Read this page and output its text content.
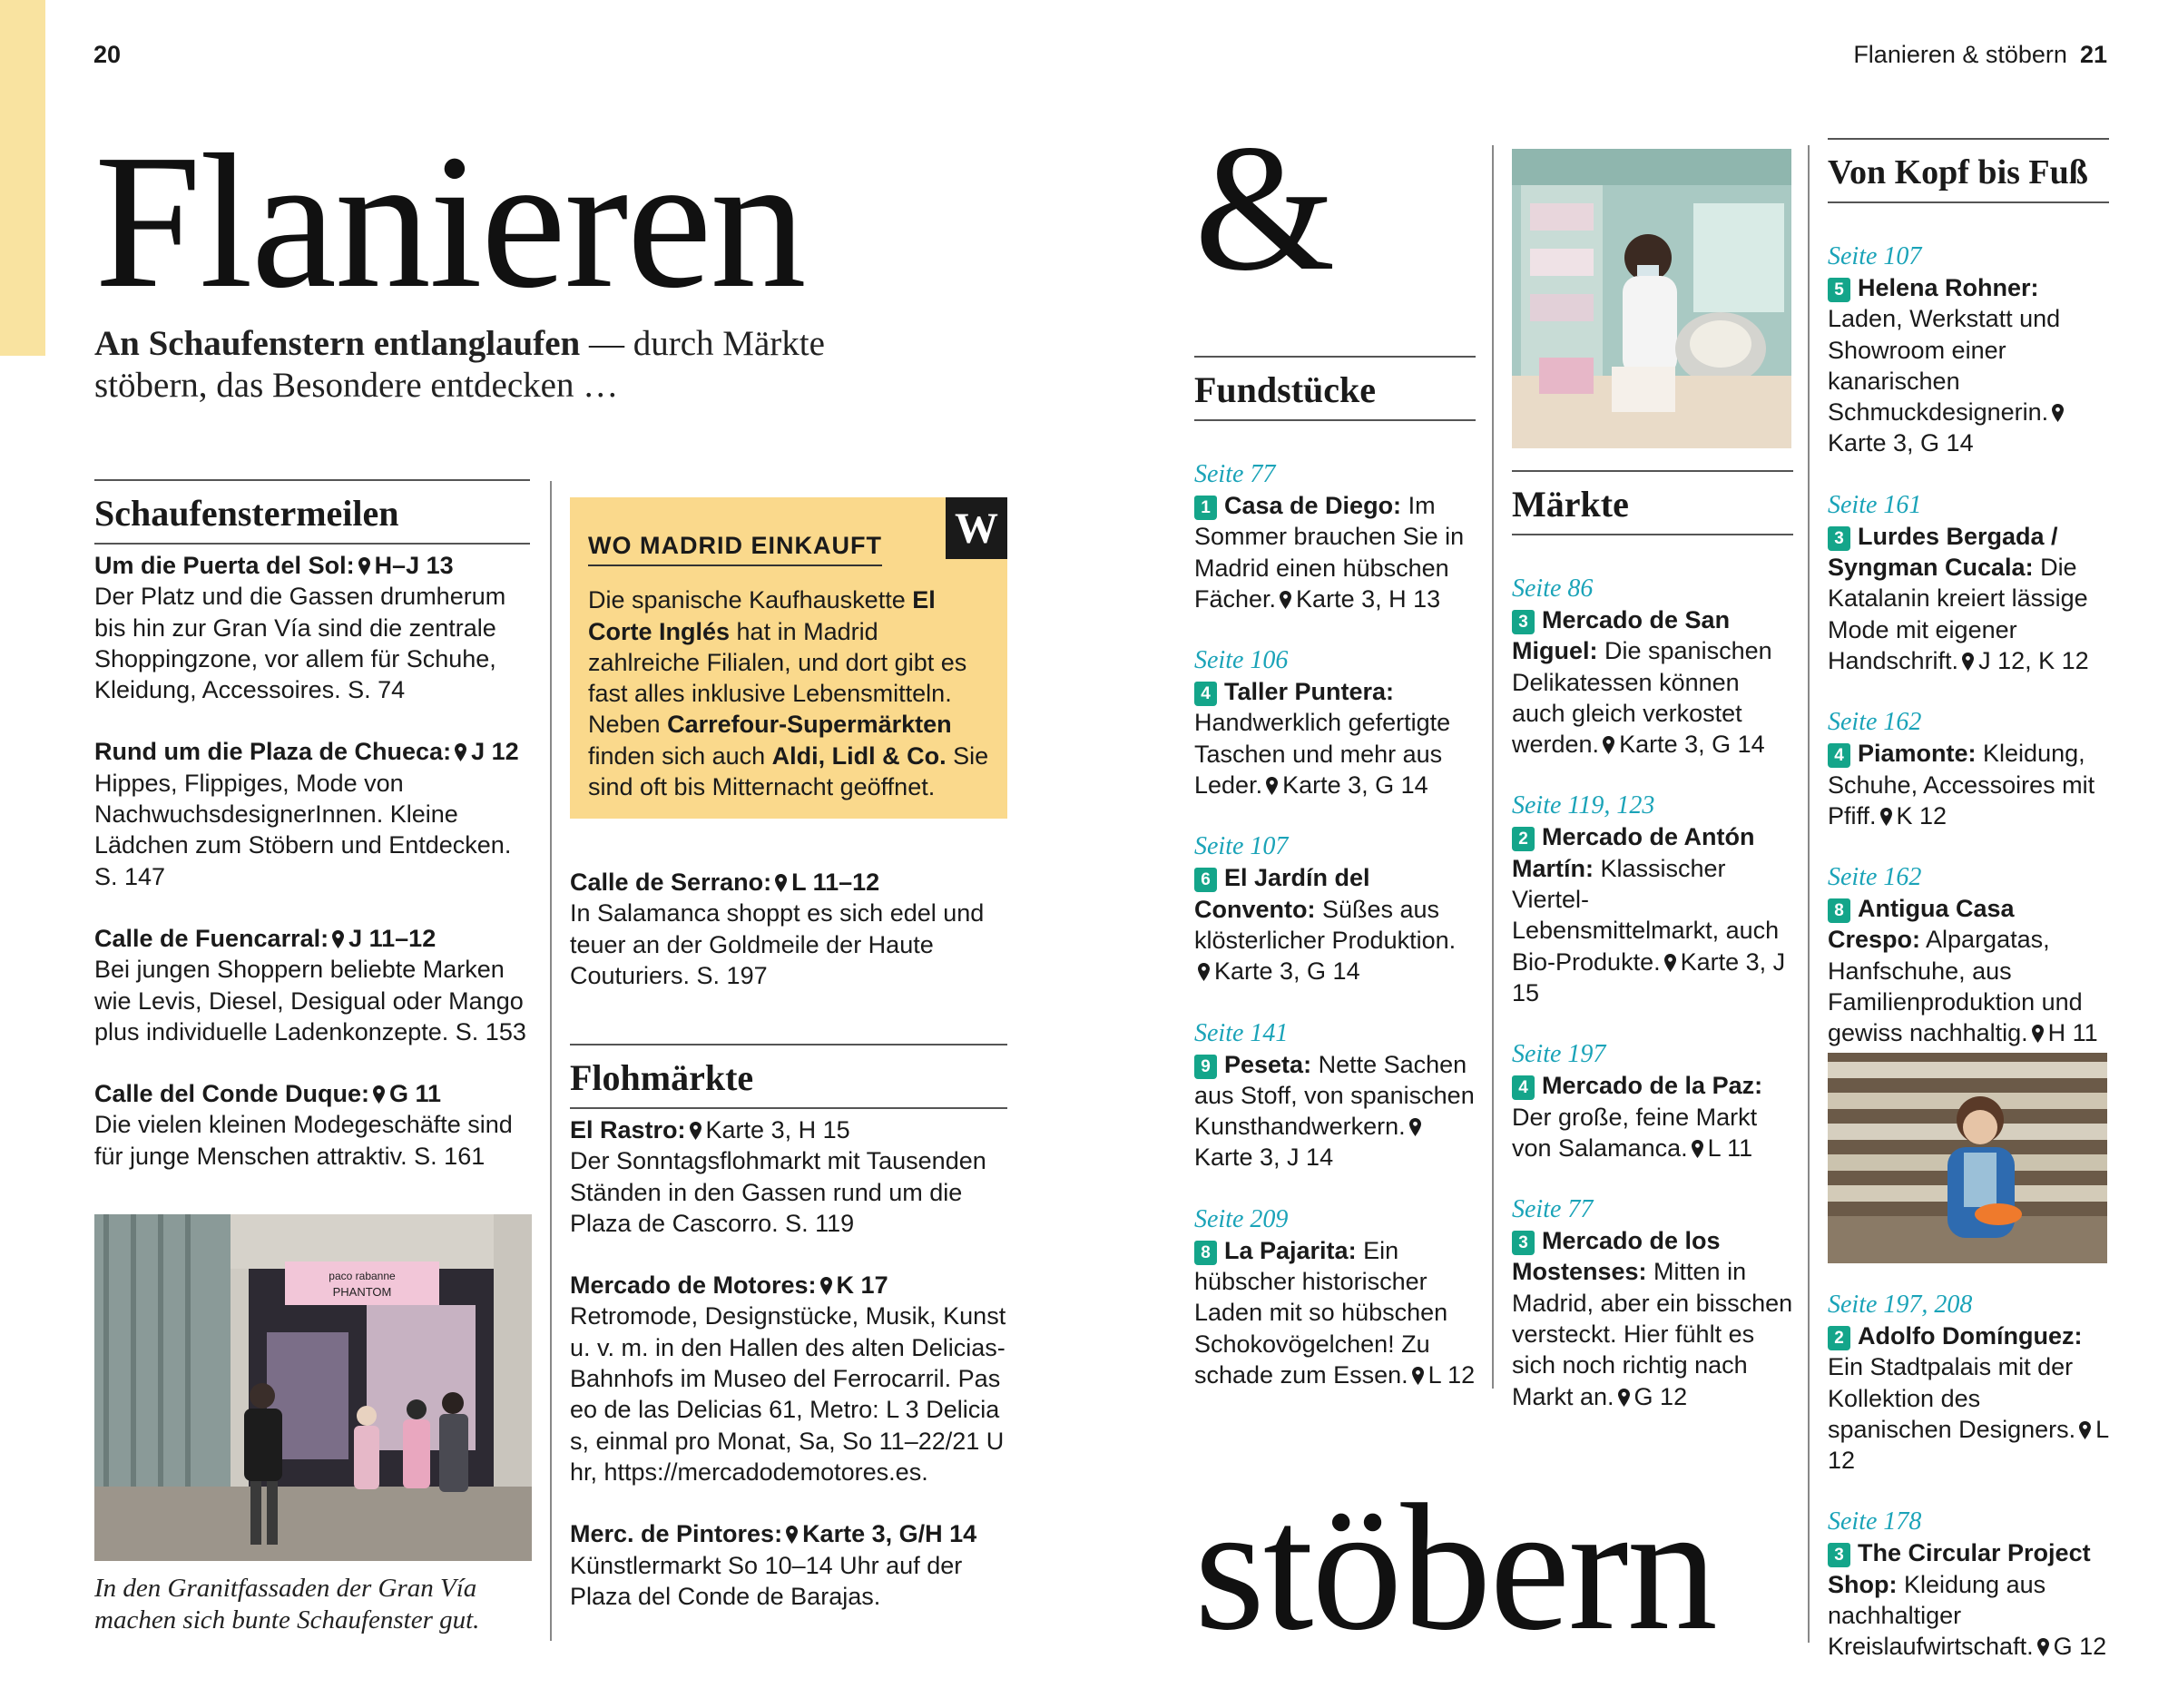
20	Flanieren & stöbern 21
Flanieren &
stöbern
An Schaufenstern entlanglaufen — durch Märkte stöbern, das Besondere entdecken …
Schaufenstermeilen

Um die Puerta del Sol: H–J 13
Der Platz und die Gassen drumherum bis hin zur Gran Vía sind die zentrale Shoppingzone, vor allem für Schuhe, Kleidung, Accessoires. S. 74

Rund um die Plaza de Chueca: J 12
Hippes, Flippiges, Mode von NachwuchsdesignerInnen. Kleine Lädchen zum Stöbern und Entdecken. S. 147

Calle de Fuencarral: J 11–12
Bei jungen Shoppern beliebte Marken wie Levis, Diesel, Desigual oder Mango plus individuelle Ladenkonzepte. S. 153

Calle del Conde Duque: G 11
Die vielen kleinen Modegeschäfte sind für junge Menschen attraktiv. S. 161

paco rabanne
PHANTOM
In den Granitfassaden der Gran Vía machen sich bunte Schaufenster gut.
W
WO MADRID EINKAUFT
Die spanische Kaufhauskette El Corte Inglés hat in Madrid zahlreiche Filialen, und dort gibt es fast alles inklusive Lebensmitteln. Neben Carrefour-Supermärkten finden sich auch Aldi, Lidl & Co. Sie sind oft bis Mitternacht geöffnet.

Calle de Serrano: L 11–12
In Salamanca shoppt es sich edel und teuer an der Goldmeile der Haute Couturiers. S. 197

Flohmärkte

El Rastro: Karte 3, H 15
Der Sonntagsflohmarkt mit Tausenden Ständen in den Gassen rund um die Plaza de Cascorro. S. 119

Mercado de Motores: K 17
Retromode, Designstücke, Musik, Kunst u. v. m. in den Hallen des alten Delicias-Bahnhofs im Museo del Ferrocarril. Paseo de las Delicias 61, Metro: L 3 Delicias, einmal pro Monat, Sa, So 11–22/21 Uhr, https://mercadodemotores.es.

Merc. de Pintores: Karte 3, G/H 14
Künstlermarkt So 10–14 Uhr auf der Plaza del Conde de Barajas.

Fundstücke
Seite 77
1 Casa de Diego: Im Sommer brauchen Sie in Madrid einen hübschen Fächer. Karte 3, H 13
Seite 106
4 Taller Puntera: Handwerklich gefertigte Taschen und mehr aus Leder. Karte 3, G 14
Seite 107
6 El Jardín del Convento: Süßes aus klösterlicher Produktion.Karte 3, G 14
Seite 141
9 Peseta: Nette Sachen aus Stoff, von spanischen Kunsthandwerkern.Karte 3, J 14
Seite 209
8 La Pajarita: Ein hübscher historischer Laden mit so hübschen Schokovögelchen! Zu schade zum Essen. L 12
Märkte
Seite 86
3 Mercado de San Miguel: Die spanischen Delikatessen können auch gleich verkostet werden. Karte 3, G 14
Seite 119, 123
2 Mercado de Antón Martín: Klassischer Viertel-Lebensmittelmarkt, auch Bio-Produkte. Karte 3, J 15
Seite 197
4 Mercado de la Paz: Der große, feine Markt von Salamanca. L 11
Seite 77
3 Mercado de los Mostenses: Mitten in Madrid, aber ein bisschen versteckt. Hier fühlt es sich noch richtig nach Markt an. G 12
Von Kopf bis Fuß
Seite 107
5 Helena Rohner: Laden, Werkstatt und Showroom einer kanarischen Schmuckdesignerin.Karte 3, G 14
Seite 161
3 Lurdes Bergada / Syngman Cucala: Die Katalanin kreiert lässige Mode mit eigener Handschrift. J 12, K 12
Seite 162
4 Piamonte: Kleidung, Schuhe, Accessoires mit Pfiff. K 12
Seite 162
8 Antigua Casa Crespo: Alpargatas, Hanfschuhe, aus Familienproduktion und gewiss nachhaltig. H 11
Seite 197, 208
2 Adolfo Domínguez: Ein Stadtpalais mit der Kollektion des spanischen Designers. L 12
Seite 178
3 The Circular Project Shop: Kleidung aus nachhaltiger Kreislaufwirtschaft. G 12
